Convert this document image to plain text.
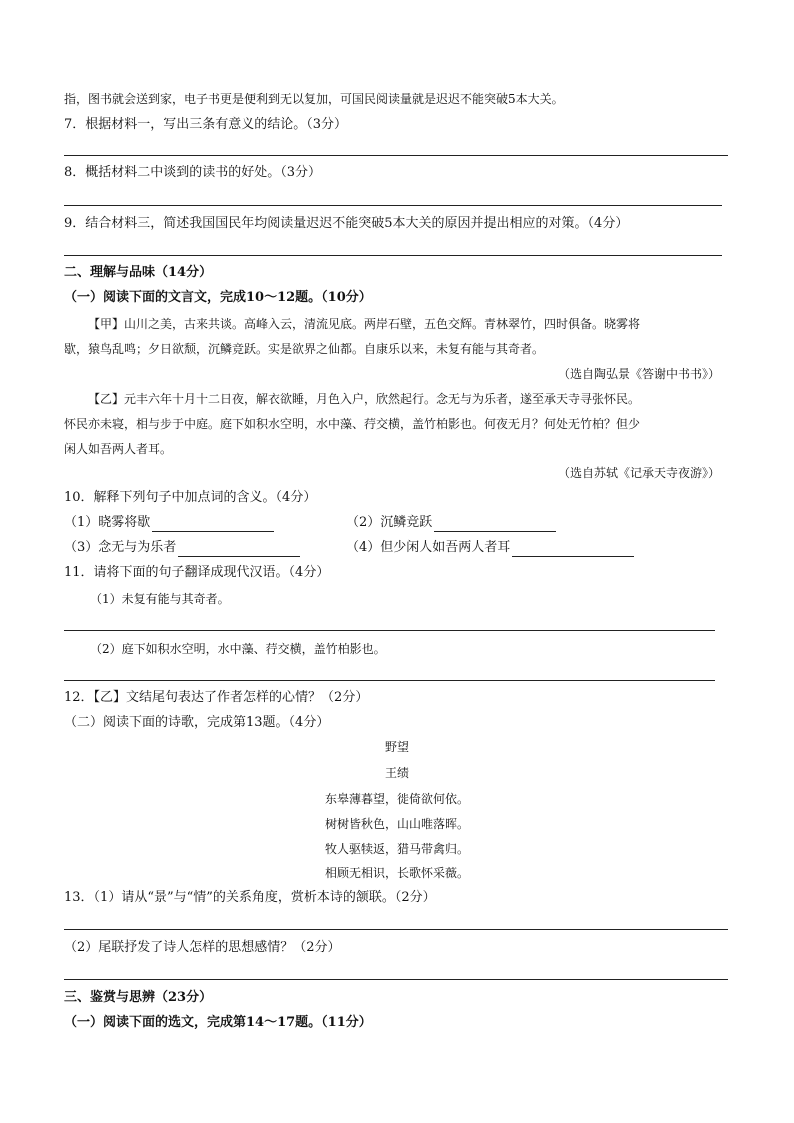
指，图书就会送到家，电子书更是便利到无以复加，可国民阅读量就是迟迟不能突破5本大关。
7．根据材料一，写出三条有意义的结论。（3分）
8．概括材料二中谈到的读书的好处。（3分）
9．结合材料三，简述我国国民年均阅读量迟迟不能突破5本大关的原因并提出相应的对策。（4分）
二、理解与品味（14分）
（一）阅读下面的文言文，完成10～12题。（10分）
【甲】山川之美，古来共谈。高峰入云，清流见底。两岸石壁，五色交辉。青林翠竹，四时俱备。晓雾将
歇，猿鸟乱鸣；夕日欲颓，沉鳞竞跃。实是欲界之仙都。自康乐以来，未复有能与其奇者。
（选自陶弘景《答谢中书书》）
【乙】元丰六年十月十二日夜，解衣欲睡，月色入户，欣然起行。念无与为乐者，遂至承天寺寻张怀民。
怀民亦未寝，相与步于中庭。庭下如积水空明，水中藻、荇交横，盖竹柏影也。何夜无月？何处无竹柏？但少
闲人如吾两人者耳。
（选自苏轼《记承天寺夜游》）
10．解释下列句子中加点词的含义。（4分）
（1）晓雾将歇	（2）沉鳞竞跃
（3）念无与为乐者	（4）但少闲人如吾两人者耳
11．请将下面的句子翻译成现代汉语。（4分）
（1）未复有能与其奇者。
（2）庭下如积水空明，水中藻、荇交横，盖竹柏影也。
12．【乙】文结尾句表达了作者怎样的心情？（2分）
（二）阅读下面的诗歌，完成第13题。（4分）
野望
王绩
东皋薄暮望，徙倚欲何依。
树树皆秋色，山山唯落晖。
牧人驱犊返，猎马带禽归。
相顾无相识，长歌怀采薇。
13．（1）请从“景”与“情”的关系角度，赏析本诗的颔联。（2分）
（2）尾联抒发了诗人怎样的思想感情？（2分）
三、鉴赏与思辨（23分）
（一）阅读下面的选文，完成第14～17题。（11分）
